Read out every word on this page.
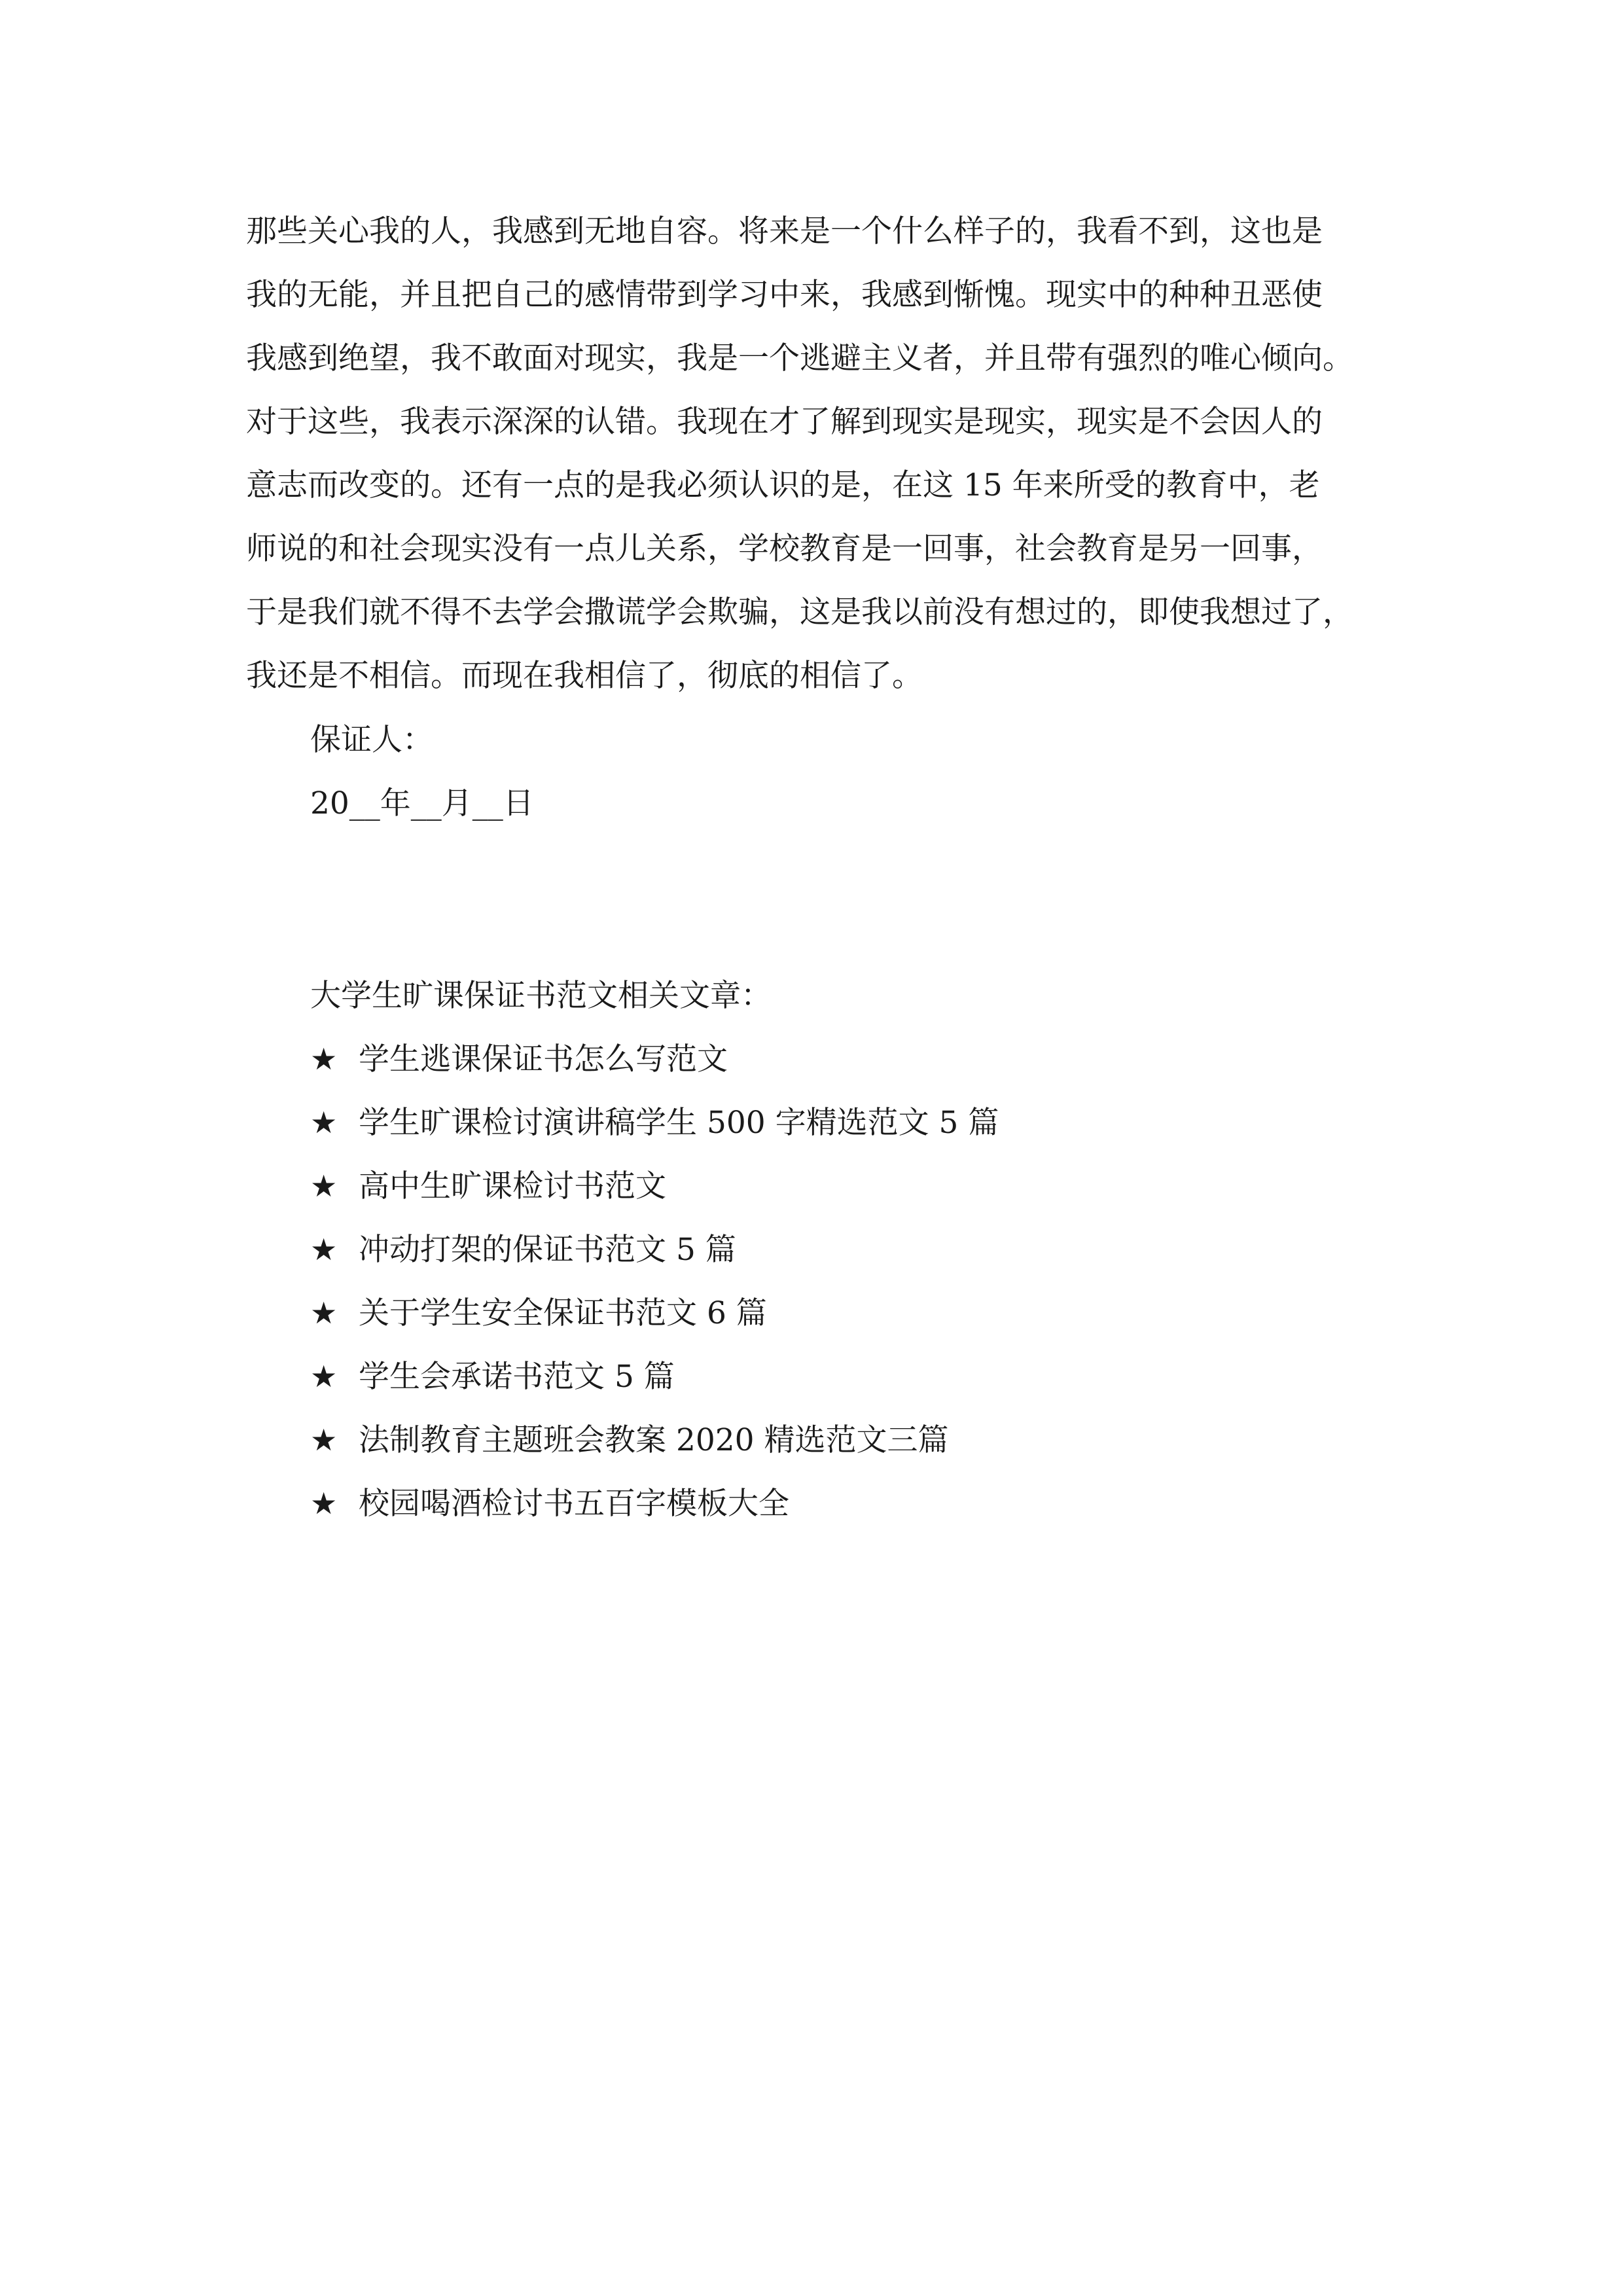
那些关心我的人，我感到无地自容。将来是一个什么样子的，我看不到，这也是
我的无能，并且把自己的感情带到学习中来，我感到惭愧。现实中的种种丑恶使
我感到绝望，我不敢面对现实，我是一个逃避主义者，并且带有强烈的唯心倾向。
对于这些，我表示深深的认错。我现在才了解到现实是现实，现实是不会因人的
意志而改变的。还有一点的是我必须认识的是，在这 15 年来所受的教育中，老
师说的和社会现实没有一点儿关系，学校教育是一回事，社会教育是另一回事，
于是我们就不得不去学会撒谎学会欺骗，这是我以前没有想过的，即使我想过了，
我还是不相信。而现在我相信了，彻底的相信了。
保证人：
20__年__月__日
大学生旷课保证书范文相关文章：
★ 学生逃课保证书怎么写范文
★ 学生旷课检讨演讲稿学生 500 字精选范文 5 篇
★ 高中生旷课检讨书范文
★ 冲动打架的保证书范文 5 篇
★ 关于学生安全保证书范文 6 篇
★ 学生会承诺书范文 5 篇
★ 法制教育主题班会教案 2020 精选范文三篇
★ 校园喝酒检讨书五百字模板大全
